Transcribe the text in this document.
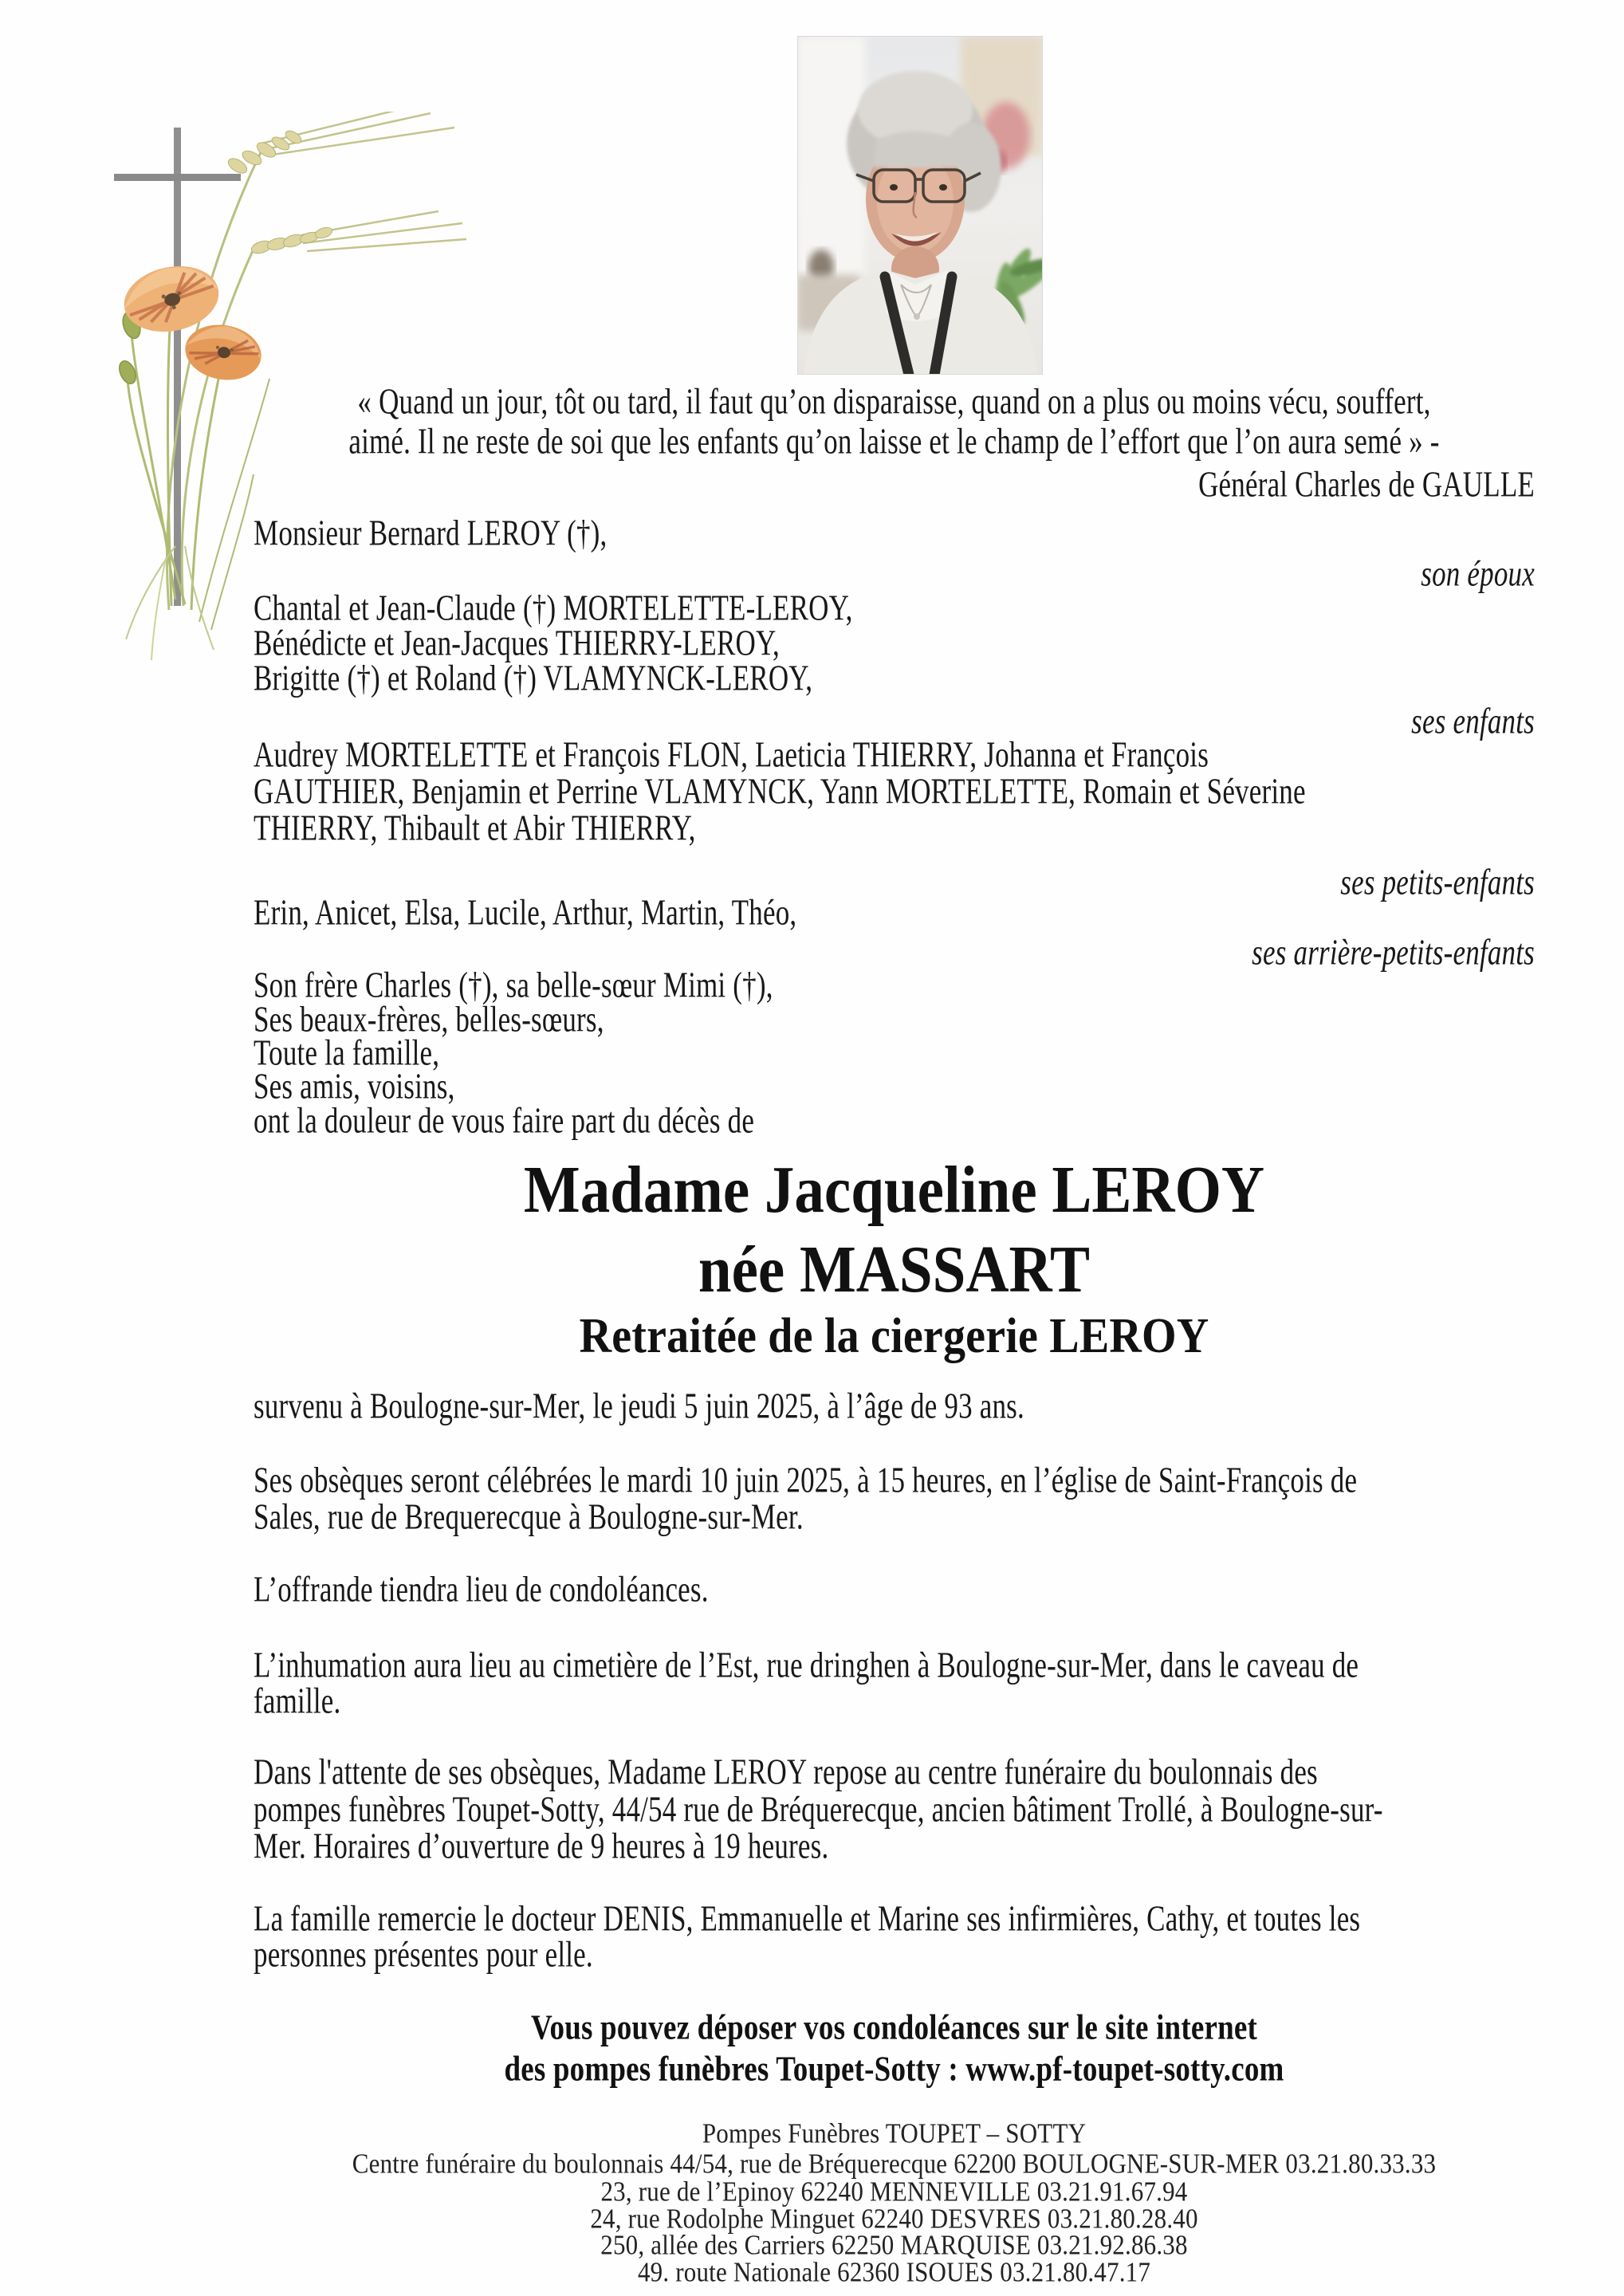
« Quand un jour, tôt ou tard, il faut qu’on disparaisse, quand on a plus ou moins vécu, souffert,
aimé. Il ne reste de soi que les enfants qu’on laisse et le champ de l’effort que l’on aura semé » -
Général Charles de GAULLE
Monsieur Bernard LEROY (†),
son époux
Chantal et Jean-Claude (†) MORTELETTE-LEROY,
Bénédicte et Jean-Jacques THIERRY-LEROY,
Brigitte (†) et Roland (†) VLAMYNCK-LEROY,
ses enfants
Audrey MORTELETTE et François FLON, Laeticia THIERRY, Johanna et François
GAUTHIER, Benjamin et Perrine VLAMYNCK, Yann MORTELETTE, Romain et Séverine
THIERRY, Thibault et Abir THIERRY,
ses petits-enfants
Erin, Anicet, Elsa, Lucile, Arthur, Martin, Théo,
ses arrière-petits-enfants
Son frère Charles (†), sa belle-sœur Mimi (†),
Ses beaux-frères, belles-sœurs,
Toute la famille,
Ses amis, voisins,
ont la douleur de vous faire part du décès de
Madame Jacqueline LEROY
née MASSART
Retraitée de la ciergerie LEROY
survenu à Boulogne-sur-Mer, le jeudi 5 juin 2025, à l’âge de 93 ans.
Ses obsèques seront célébrées le mardi 10 juin 2025, à 15 heures, en l’église de Saint-François de
Sales, rue de Brequerecque à Boulogne-sur-Mer.
L’offrande tiendra lieu de condoléances.
L’inhumation aura lieu au cimetière de l’Est, rue dringhen à Boulogne-sur-Mer, dans le caveau de
famille.
Dans l'attente de ses obsèques, Madame LEROY repose au centre funéraire du boulonnais des
pompes funèbres Toupet-Sotty, 44/54 rue de Bréquerecque, ancien bâtiment Trollé, à Boulogne-sur-
Mer. Horaires d’ouverture de 9 heures à 19 heures.
La famille remercie le docteur DENIS, Emmanuelle et Marine ses infirmières, Cathy, et toutes les
personnes présentes pour elle.
Vous pouvez déposer vos condoléances sur le site internet
des pompes funèbres Toupet-Sotty : www.pf-toupet-sotty.com
Pompes Funèbres TOUPET – SOTTY
Centre funéraire du boulonnais 44/54, rue de Bréquerecque 62200 BOULOGNE-SUR-MER 03.21.80.33.33
23, rue de l’Epinoy 62240 MENNEVILLE 03.21.91.67.94
24, rue Rodolphe Minguet 62240 DESVRES 03.21.80.28.40
250, allée des Carriers 62250 MARQUISE 03.21.92.86.38
49. route Nationale 62360 ISOUES 03.21.80.47.17
